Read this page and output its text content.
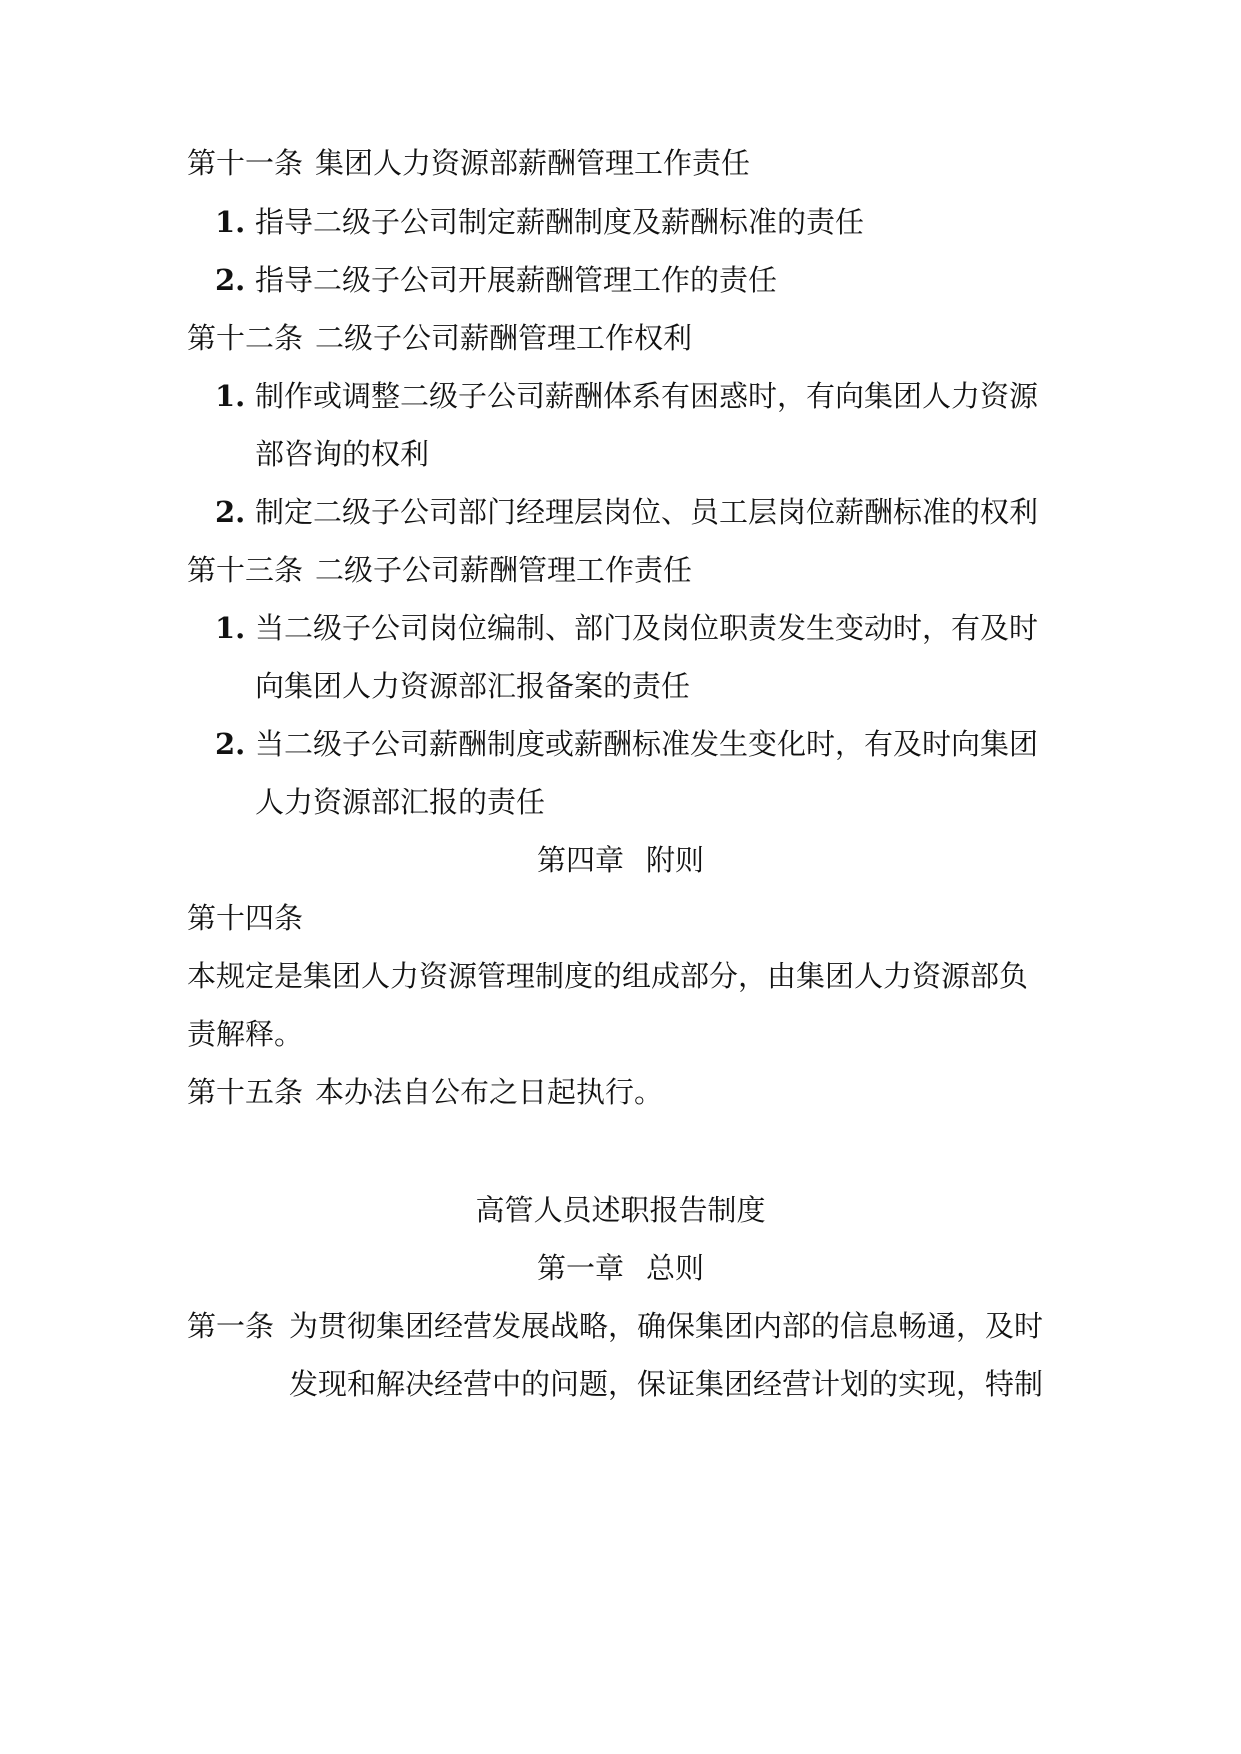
第十一条 集团人力资源部薪酬管理工作责任
1. 指导二级子公司制定薪酬制度及薪酬标准的责任
2. 指导二级子公司开展薪酬管理工作的责任
第十二条 二级子公司薪酬管理工作权利
1. 制作或调整二级子公司薪酬体系有困惑时，有向集团人力资源
部咨询的权利
2. 制定二级子公司部门经理层岗位、员工层岗位薪酬标准的权利
第十三条 二级子公司薪酬管理工作责任
1. 当二级子公司岗位编制、部门及岗位职责发生变动时，有及时
向集团人力资源部汇报备案的责任
2. 当二级子公司薪酬制度或薪酬标准发生变化时，有及时向集团
人力资源部汇报的责任
第四章 附则
第十四条
本规定是集团人力资源管理制度的组成部分，由集团人力资源部负
责解释。
第十五条 本办法自公布之日起执行。
高管人员述职报告制度
第一章 总则
第一条 为贯彻集团经营发展战略，确保集团内部的信息畅通，及时
发现和解决经营中的问题，保证集团经营计划的实现，特制
